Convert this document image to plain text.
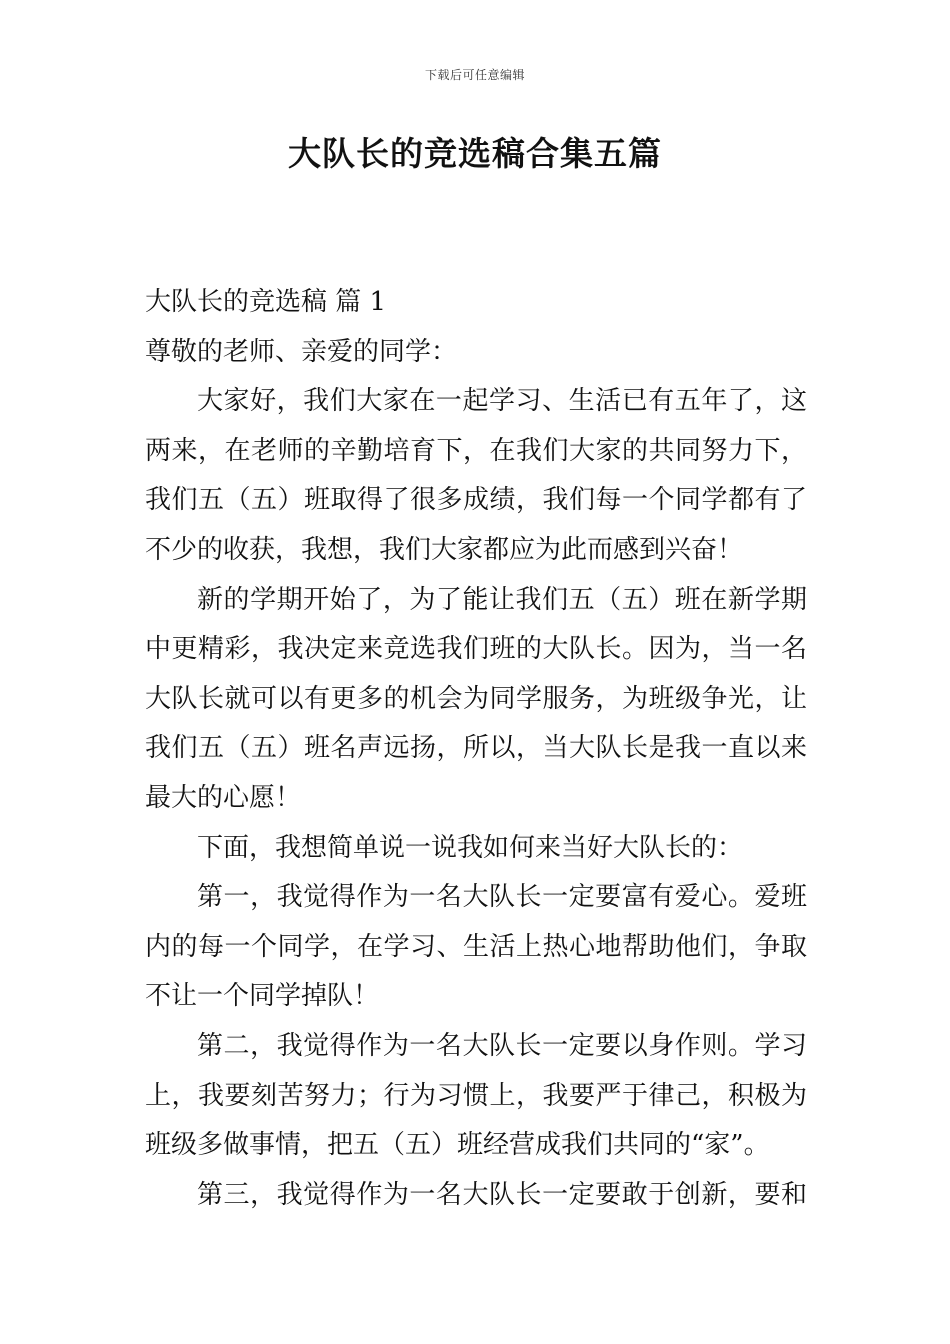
下载后可任意编辑
大队长的竞选稿合集五篇
大队长的竞选稿 篇 1
尊敬的老师、亲爱的同学：
大家好，我们大家在一起学习、生活已有五年了，这
两来，在老师的辛勤培育下，在我们大家的共同努力下，
我们五（五）班取得了很多成绩，我们每一个同学都有了
不少的收获，我想，我们大家都应为此而感到兴奋！
新的学期开始了，为了能让我们五（五）班在新学期
中更精彩，我决定来竞选我们班的大队长。因为，当一名
大队长就可以有更多的机会为同学服务，为班级争光，让
我们五（五）班名声远扬，所以，当大队长是我一直以来
最大的心愿！
下面，我想简单说一说我如何来当好大队长的：
第一，我觉得作为一名大队长一定要富有爱心。爱班
内的每一个同学，在学习、生活上热心地帮助他们，争取
不让一个同学掉队！
第二，我觉得作为一名大队长一定要以身作则。学习
上，我要刻苦努力；行为习惯上，我要严于律己，积极为
班级多做事情，把五（五）班经营成我们共同的“家”。
第三，我觉得作为一名大队长一定要敢于创新，要和
